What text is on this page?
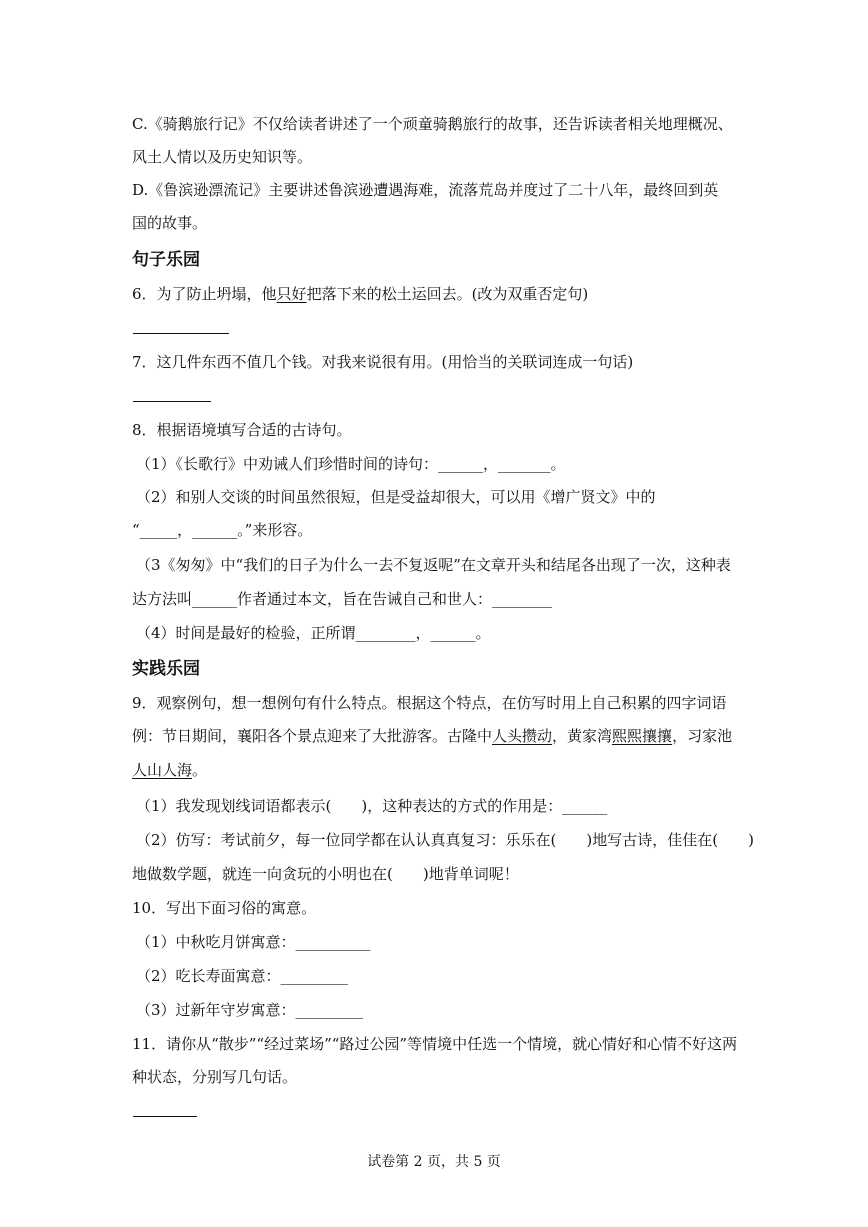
C.《骑鹅旅行记》不仅给读者讲述了一个顽童骑鹅旅行的故事，还告诉读者相关地理概况、
风土人情以及历史知识等。
D.《鲁滨逊漂流记》主要讲述鲁滨逊遭遇海难，流落荒岛并度过了二十八年，最终回到英
国的故事。
句子乐园
6．为了防止坍塌，他只好把落下来的松土运回去。(改为双重否定句)
7．这几件东西不值几个钱。对我来说很有用。(用恰当的关联词连成一句话)
8．根据语境填写合适的古诗句。
（1）《长歌行》中劝诫人们珍惜时间的诗句：______，_______。
（2）和别人交谈的时间虽然很短，但是受益却很大，可以用《增广贤文》中的
“_____，______。”来形容。
（3《匆匆》中“我们的日子为什么一去不复返呢”在文章开头和结尾各出现了一次，这种表
达方法叫______作者通过本文，旨在告诫自己和世人：________
（4）时间是最好的检验，正所谓________，______。
实践乐园
9．观察例句，想一想例句有什么特点。根据这个特点，在仿写时用上自己积累的四字词语
例：节日期间，襄阳各个景点迎来了大批游客。古隆中人头攒动，黄家湾熙熙攘攘，习家池
人山人海。
（1）我发现划线词语都表示(　　)，这种表达的方式的作用是：______
（2）仿写：考试前夕，每一位同学都在认认真真复习：乐乐在(　　)地写古诗，佳佳在(　　)
地做数学题，就连一向贪玩的小明也在(　　)地背单词呢！
10．写出下面习俗的寓意。
（1）中秋吃月饼寓意：__________
（2）吃长寿面寓意：_________
（3）过新年守岁寓意：_________
11．请你从“散步”“经过菜场”“路过公园”等情境中任选一个情境，就心情好和心情不好这两
种状态，分别写几句话。
试卷第 2 页，共 5 页
